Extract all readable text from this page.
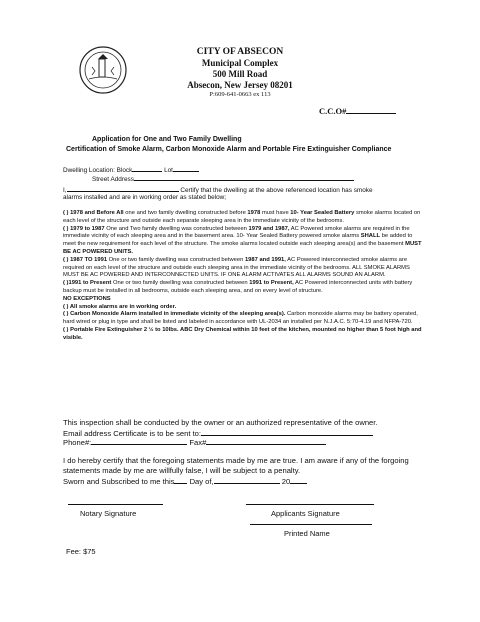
CITY OF ABSECON
Municipal Complex
500 Mill Road
Absecon, New Jersey 08201
P:609-641-0663 ex 113
C.C.O#
Application for One and Two Family Dwelling
Certification of Smoke Alarm, Carbon Monoxide Alarm and Portable Fire Extinguisher Compliance
Dwelling Location: Block	Lot
Street Address
I,	Certify that the dwelling at the above referenced location has smoke
alarms installed and are in working order as stated below;

( ) 1978 and Before All one and two family dwelling constructed before 1978 must have 10- Year Sealed Battery smoke alarms located on each level of the structure and outside each separate sleeping area in the immediate vicinity of the bedrooms.

( ) 1979 to 1987 One and Two family dwelling was constructed between 1979 and 1987, AC Powered smoke alarms are required in the immediate vicinity of each sleeping area and in the basement area. 10- Year Sealed Battery powered smoke alarms SHALL be added to meet the new requirement for each level of the structure. The smoke alarms located outside each sleeping area(s) and the basement MUST BE AC POWERED UNITS.

( ) 1987 TO 1991 One or two family dwelling was constructed between 1987 and 1991, AC Powered interconnected smoke alarms are required on each level of the structure and outside each sleeping area in the immediate vicinity of the bedrooms. ALL SMOKE ALARMS MUST BE AC POWERED AND INTERCONNECTED UNITS. IF ONE ALARM ACTIVATES ALL ALARMS SOUND AN ALARM.

( )1991 to Present One or two family dwelling was constructed between 1991 to Present, AC Powered interconnected units with battery backup must be installed in all bedrooms, outside each sleeping area, and on every level of structure.

NO EXCEPTIONS

( ) All smoke alarms are in working order.

( ) Carbon Monoxide Alarm installed in immediate vicinity of the sleeping area(s). Carbon monoxide alarms may be battery operated, hard wired or plug in type and shall be listed and labeled in accordance with UL-2034 an installed per N.J.A.C. 5:70-4.19 and NFPA-720.

( ) Portable Fire Extinguisher 2 ½ to 10lbs. ABC Dry Chemical within 10 feet of the kitchen, mounted no higher than 5 foot high and visible.

This inspection shall be conducted by the owner or an authorized representative of the owner.
Email address Certificate is to be sent to:
Phone#:	Fax#
I do hereby certify that the foregoing statements made by me are true. I am aware if any of the forgoing
statements made by me are willfully false, I will be subject to a penalty.
Sworn and Subscribed to me this Day of,	20
Notary Signature	Applicants Signature
Printed Name
Fee: $75
